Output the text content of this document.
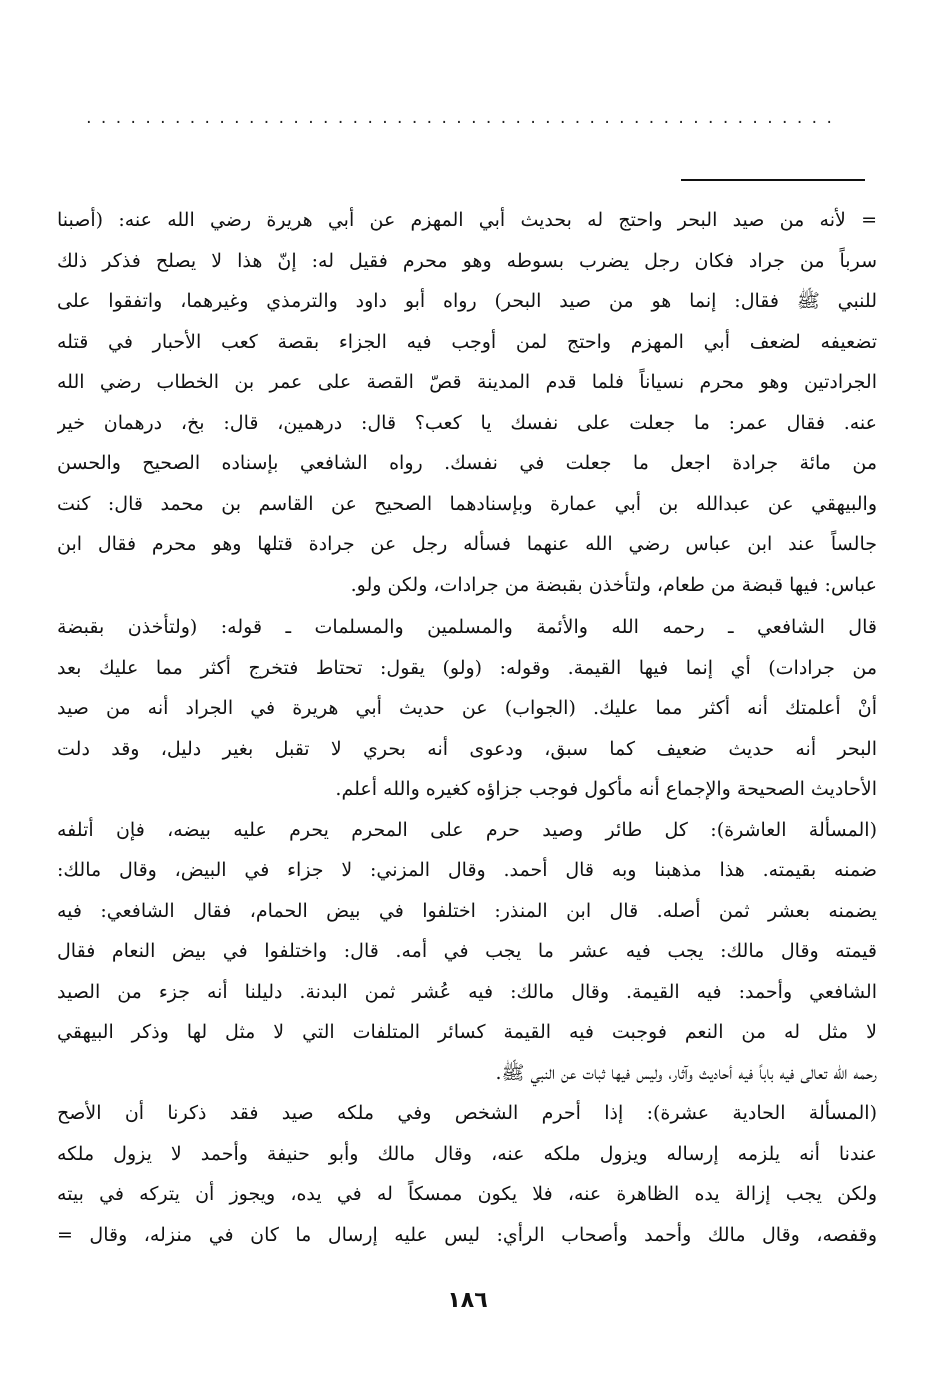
. . . . . . . . . . . . . . . . . . . . . . . . . . . . . . . . . . . . . . . . . . . . . . . . . . .
= لأنه من صيد البحر واحتج له بحديث أبي المهزم عن أبي هريرة رضي الله عنه: (أصبنا
سرباً من جراد فكان رجل يضرب بسوطه وهو محرم فقيل له: إنّ هذا لا يصلح فذكر ذلك
للنبي ﷺ فقال: إنما هو من صيد البحر) رواه أبو داود والترمذي وغيرهما، واتفقوا على
تضعيفه لضعف أبي المهزم واحتج لمن أوجب فيه الجزاء بقصة كعب الأحبار في قتله
الجرادتين وهو محرم نسياناً فلما قدم المدينة قصّ القصة على عمر بن الخطاب رضي الله
عنه. فقال عمر: ما جعلت على نفسك يا كعب؟ قال: درهمين، قال: بخ، درهمان خير
من مائة جرادة اجعل ما جعلت في نفسك. رواه الشافعي بإسناده الصحيح والحسن
والبيهقي عن عبدالله بن أبي عمارة وبإسنادهما الصحيح عن القاسم بن محمد قال: كنت
جالساً عند ابن عباس رضي الله عنهما فسأله رجل عن جرادة قتلها وهو محرم فقال ابن
عباس: فيها قبضة من طعام، ولتأخذن بقبضة من جرادات، ولكن ولو.
قال الشافعي ـ رحمه الله والأئمة والمسلمين والمسلمات ـ قوله: (ولتأخذن بقبضة
من جرادات) أي إنما فيها القيمة. وقوله: (ولو) يقول: تحتاط فتخرج أكثر مما عليك بعد
أنْ أعلمتك أنه أكثر مما عليك. (الجواب) عن حديث أبي هريرة في الجراد أنه من صيد
البحر أنه حديث ضعيف كما سبق، ودعوى أنه بحري لا تقبل بغير دليل، وقد دلت
الأحاديث الصحيحة والإجماع أنه مأكول فوجب جزاؤه كغيره والله أعلم.
(المسألة العاشرة): كل طائر وصيد حرم على المحرم يحرم عليه بيضه، فإن أتلفه
ضمنه بقيمته. هذا مذهبنا وبه قال أحمد. وقال المزني: لا جزاء في البيض، وقال مالك:
يضمنه بعشر ثمن أصله. قال ابن المنذر: اختلفوا في بيض الحمام، فقال الشافعي: فيه
قيمته وقال مالك: يجب فيه عشر ما يجب في أمه. قال: واختلفوا في بيض النعام فقال
الشافعي وأحمد: فيه القيمة. وقال مالك: فيه عُشر ثمن البدنة. دليلنا أنه جزء من الصيد
لا مثل له من النعم فوجبت فيه القيمة كسائر المتلفات التي لا مثل لها وذكر البيهقي
رحمه الله تعالى فيه باباً فيه أحاديث وآثار، وليس فيها ثبات عن النبي ﷺ.
(المسألة الحادية عشرة): إذا أحرم الشخص وفي ملكه صيد فقد ذكرنا أن الأصح
عندنا أنه يلزمه إرساله ويزول ملكه عنه، وقال مالك وأبو حنيفة وأحمد لا يزول ملكه
ولكن يجب إزالة يده الظاهرة عنه، فلا يكون ممسكاً له في يده، ويجوز أن يتركه في بيته
وقفصه، وقال مالك وأحمد وأصحاب الرأي: ليس عليه إرسال ما كان في منزله، وقال =
١٨٦
